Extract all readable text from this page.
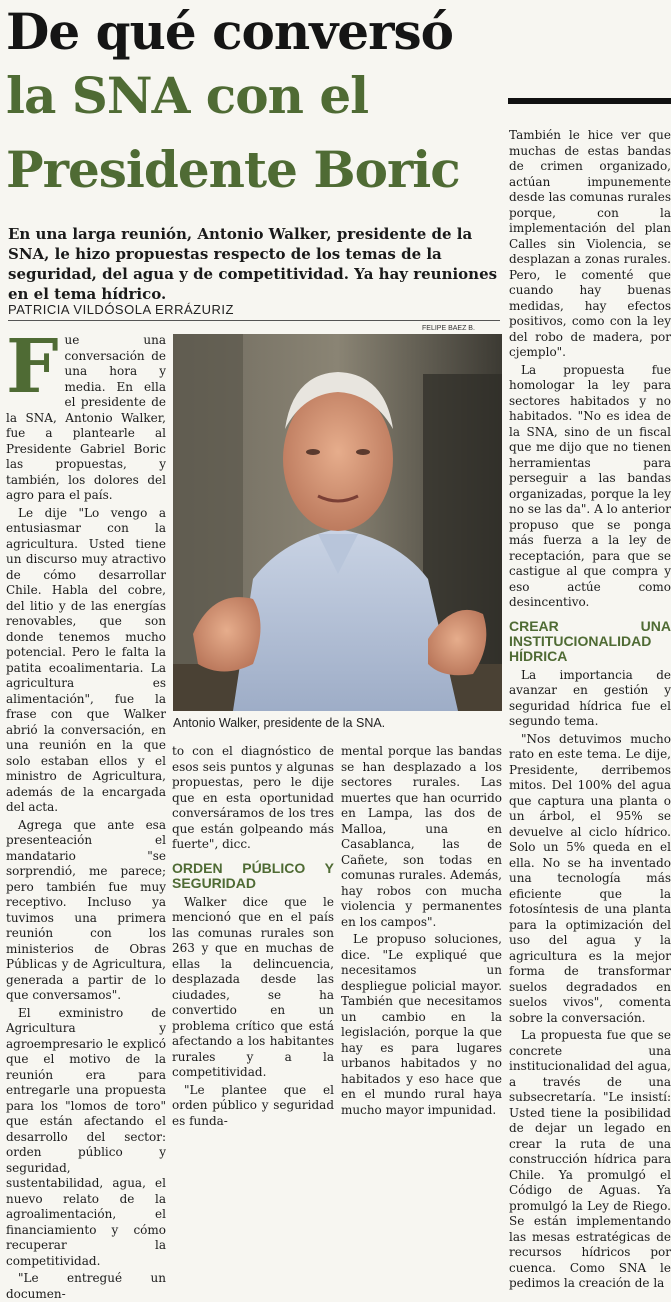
De qué conversó
la SNA con el
Presidente Boric

En una larga reunión, Antonio Walker, presidente de la SNA, le hizo propuestas respecto de los temas de la seguridad, del agua y de competitividad. Ya hay reuniones en el tema hídrico.

PATRICIA VILDÓSOLA ERRÁZURIZ

Fue una conversación de una hora y media. En ella el presidente de la SNA, Antonio Walker, fue a plantearle al Presidente Gabriel Boric las propuestas, y también, los dolores del agro para el país.

Le dije "Lo vengo a entusiasmar con la agricultura. Usted tiene un discurso muy atractivo de cómo desarrollar Chile. Habla del cobre, del litio y de las energías renovables, que son donde tenemos mucho potencial. Pero le falta la patita ecoalimentaria. La agricultura es alimentación", fue la frase con que Walker abrió la conversación, en una reunión en la que solo estaban ellos y el ministro de Agricultura, además de la encargada del acta.

Agrega que ante esa presenteación el mandatario "se sorprendió, me parece; pero también fue muy receptivo. Incluso ya tuvimos una primera reunión con los ministerios de Obras Públicas y de Agricultura, generada a partir de lo que conversamos".

El exministro de Agricultura y agroempresario le explicó que el motivo de la reunión era para entregarle una propuesta para los "lomos de toro" que están afectando el desarrollo del sector: orden público y seguridad, sustentabilidad, agua, el nuevo relato de la agroalimentación, el financiamiento y cómo recuperar la competitividad.

"Le entregué un documen-

FELIPE BAEZ B.
Antonio Walker, presidente de la SNA.

to con el diagnóstico de esos seis puntos y algunas propuestas, pero le dije que en esta oportunidad conversáramos de los tres que están golpeando más fuerte", dicc.

ORDEN PÚBLICO Y SEGURIDAD

Walker dice que le mencionó que en el país las comunas rurales son 263 y que en muchas de ellas la delincuencia, desplazada desde las ciudades, se ha convertido en un problema crítico que está afectando a los habitantes rurales y a la competitividad.

"Le plantee que el orden público y seguridad es funda-

mental porque las bandas se han desplazado a los sectores rurales. Las muertes que han ocurrido en Lampa, las dos de Malloa, una en Casablanca, las de Cañete, son todas en comunas rurales. Además, hay robos con mucha violencia y permanentes en los campos".

Le propuso soluciones, dice. "Le expliqué que necesitamos un despliegue policial mayor. También que necesitamos un cambio en la legislación, porque la que hay es para lugares urbanos habitados y no habitados y eso hace que en el mundo rural haya mucho mayor impunidad.

También le hice ver que muchas de estas bandas de crimen organizado, actúan impunemente desde las comunas rurales porque, con la implementación del plan Calles sin Violencia, se desplazan a zonas rurales. Pero, le comenté que cuando hay buenas medidas, hay efectos positivos, como con la ley del robo de madera, por cjemplo".

La propuesta fue homologar la ley para sectores habitados y no habitados. "No es idea de la SNA, sino de un fiscal que me dijo que no tienen herramientas para perseguir a las bandas organizadas, porque la ley no se las da". A lo anterior propuso que se ponga más fuerza a la ley de receptación, para que se castigue al que compra y eso actúe como desincentivo.

CREAR UNA INSTITUCIONALIDAD HÍDRICA

La importancia de avanzar en gestión y seguridad hídrica fue el segundo tema.

"Nos detuvimos mucho rato en este tema. Le dije, Presidente, derribemos mitos. Del 100% del agua que captura una planta o un árbol, el 95% se devuelve al ciclo hídrico. Solo un 5% queda en el ella. No se ha inventado una tecnología más eficiente que la fotosíntesis de una planta para la optimización del uso del agua y la agricultura es la mejor forma de transformar suelos degradados en suelos vivos", comenta sobre la conversación.

La propuesta fue que se concrete una institucionalidad del agua, a través de una subsecretaría. "Le insistí: Usted tiene la posibilidad de dejar un legado en crear la ruta de una construcción hídrica para Chile. Ya promulgó el Código de Aguas. Ya promulgó la Ley de Riego. Se están implementando las mesas estratégicas de recursos hídricos por cuenca. Como SNA le pedimos la creación de la
